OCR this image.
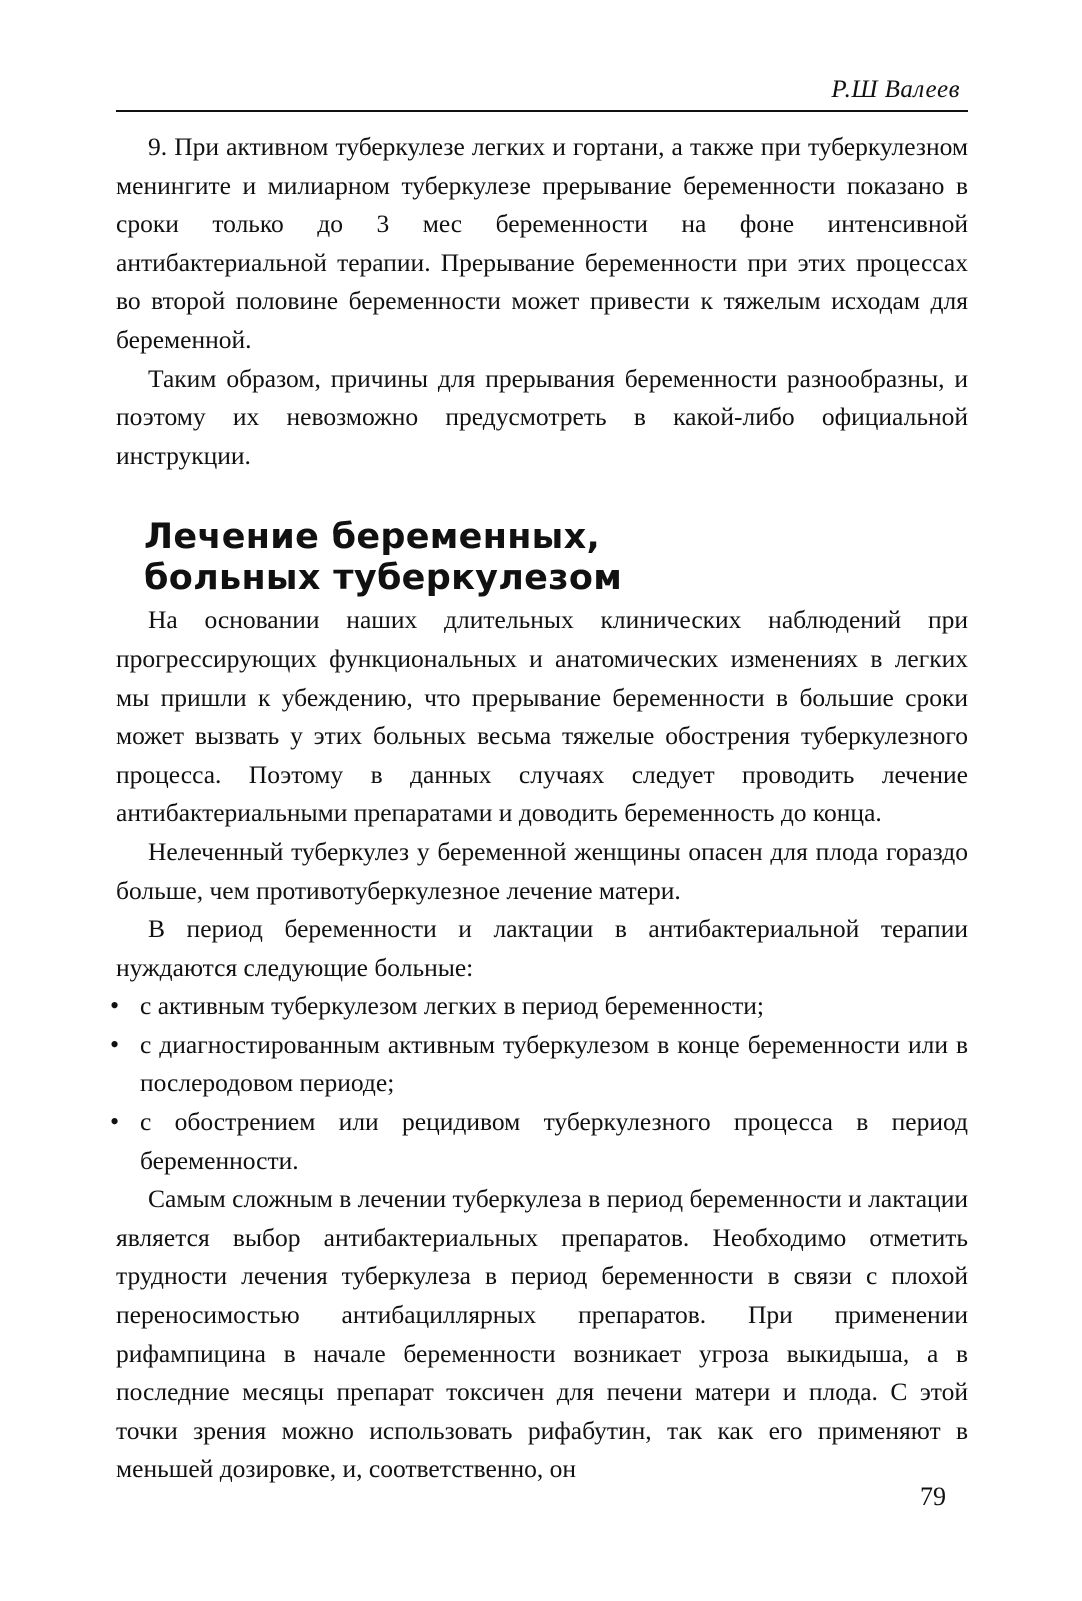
Р.Ш Валеев

9. При активном туберкулезе легких и гортани, а также при туберкулезном менингите и милиарном туберкулезе прерывание беременности показано в сроки только до 3 мес беременности на фоне интенсивной антибактериальной терапии. Прерывание беременности при этих процессах во второй половине беременности может привести к тяжелым исходам для беременной.

Таким образом, причины для прерывания беременности разнообразны, и поэтому их невозможно предусмотреть в какой-либо официальной инструкции.

Лечение беременных,
больных туберкулезом

На основании наших длительных клинических наблюдений при прогрессирующих функциональных и анатомических изменениях в легких мы пришли к убеждению, что прерывание беременности в большие сроки может вызвать у этих больных весьма тяжелые обострения туберкулезного процесса. Поэтому в данных случаях следует проводить лечение антибактериальными препаратами и доводить беременность до конца.

Нелеченный туберкулез у беременной женщины опасен для плода гораздо больше, чем противотуберкулезное лечение матери.

В период беременности и лактации в антибактериальной терапии нуждаются следующие больные:

• с активным туберкулезом легких в период беременности;
• с диагностированным активным туберкулезом в конце беременности или в послеродовом периоде;
• с обострением или рецидивом туберкулезного процесса в период беременности.

Самым сложным в лечении туберкулеза в период беременности и лактации является выбор антибактериальных препаратов. Необходимо отметить трудности лечения туберкулеза в период беременности в связи с плохой переносимостью антибациллярных препаратов. При применении рифампицина в начале беременности возникает угроза выкидыша, а в последние месяцы препарат токсичен для печени матери и плода. С этой точки зрения можно использовать рифабутин, так как его применяют в меньшей дозировке, и, соответственно, он

79
